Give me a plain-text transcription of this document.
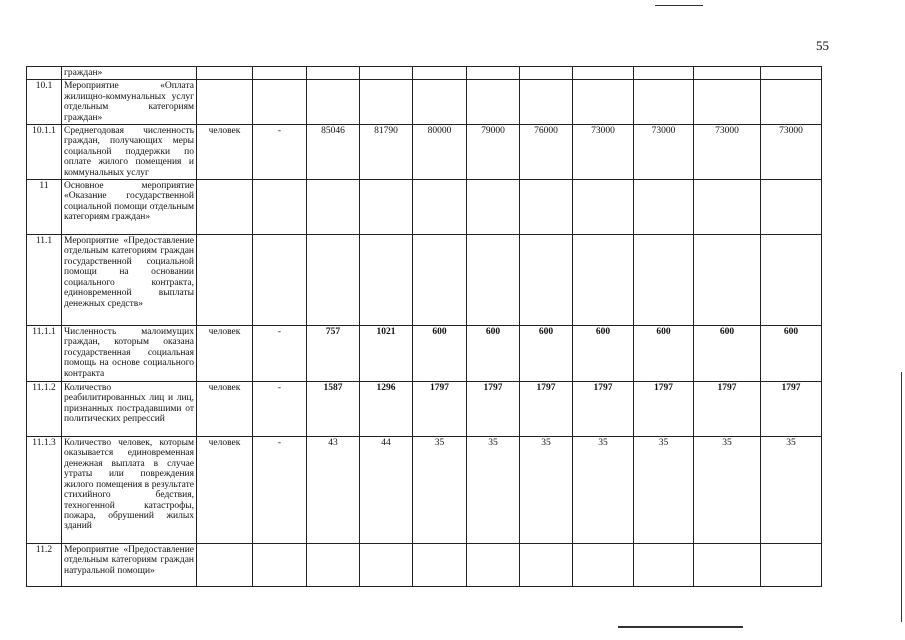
55
	граждан»											
10.1	Мероприятие «Оплата жилищно-коммунальных услуг отдельным категориям граждан»											
10.1.1	Среднегодовая численность граждан, получающих меры социальной поддержки по оплате жилого помещения и коммунальных услуг	человек	-	85046	81790	80000	79000	76000	73000	73000	73000	73000
11	Основное мероприятие «Оказание государственной социальной помощи отдельным категориям граждан»											
11.1	Мероприятие «Предоставление отдельным категориям граждан государственной социальной помощи на основании социального контракта, единовременной выплаты денежных средств»											
11.1.1	Численность малоимущих граждан, которым оказана государственная социальная помощь на основе социального контракта	человек	-	757	1021	600	600	600	600	600	600	600
11.1.2	Количество реабилитированных лиц и лиц, признанных пострадавшими от политических репрессий	человек	-	1587	1296	1797	1797	1797	1797	1797	1797	1797
11.1.3	Количество человек, которым оказывается единовременная денежная выплата в случае утраты или повреждения жилого помещения в результате стихийного бедствия, техногенной катастрофы, пожара, обрушений жилых зданий	человек	-	43	44	35	35	35	35	35	35	35
11.2	Мероприятие «Предоставление отдельным категориям граждан натуральной помощи»											
